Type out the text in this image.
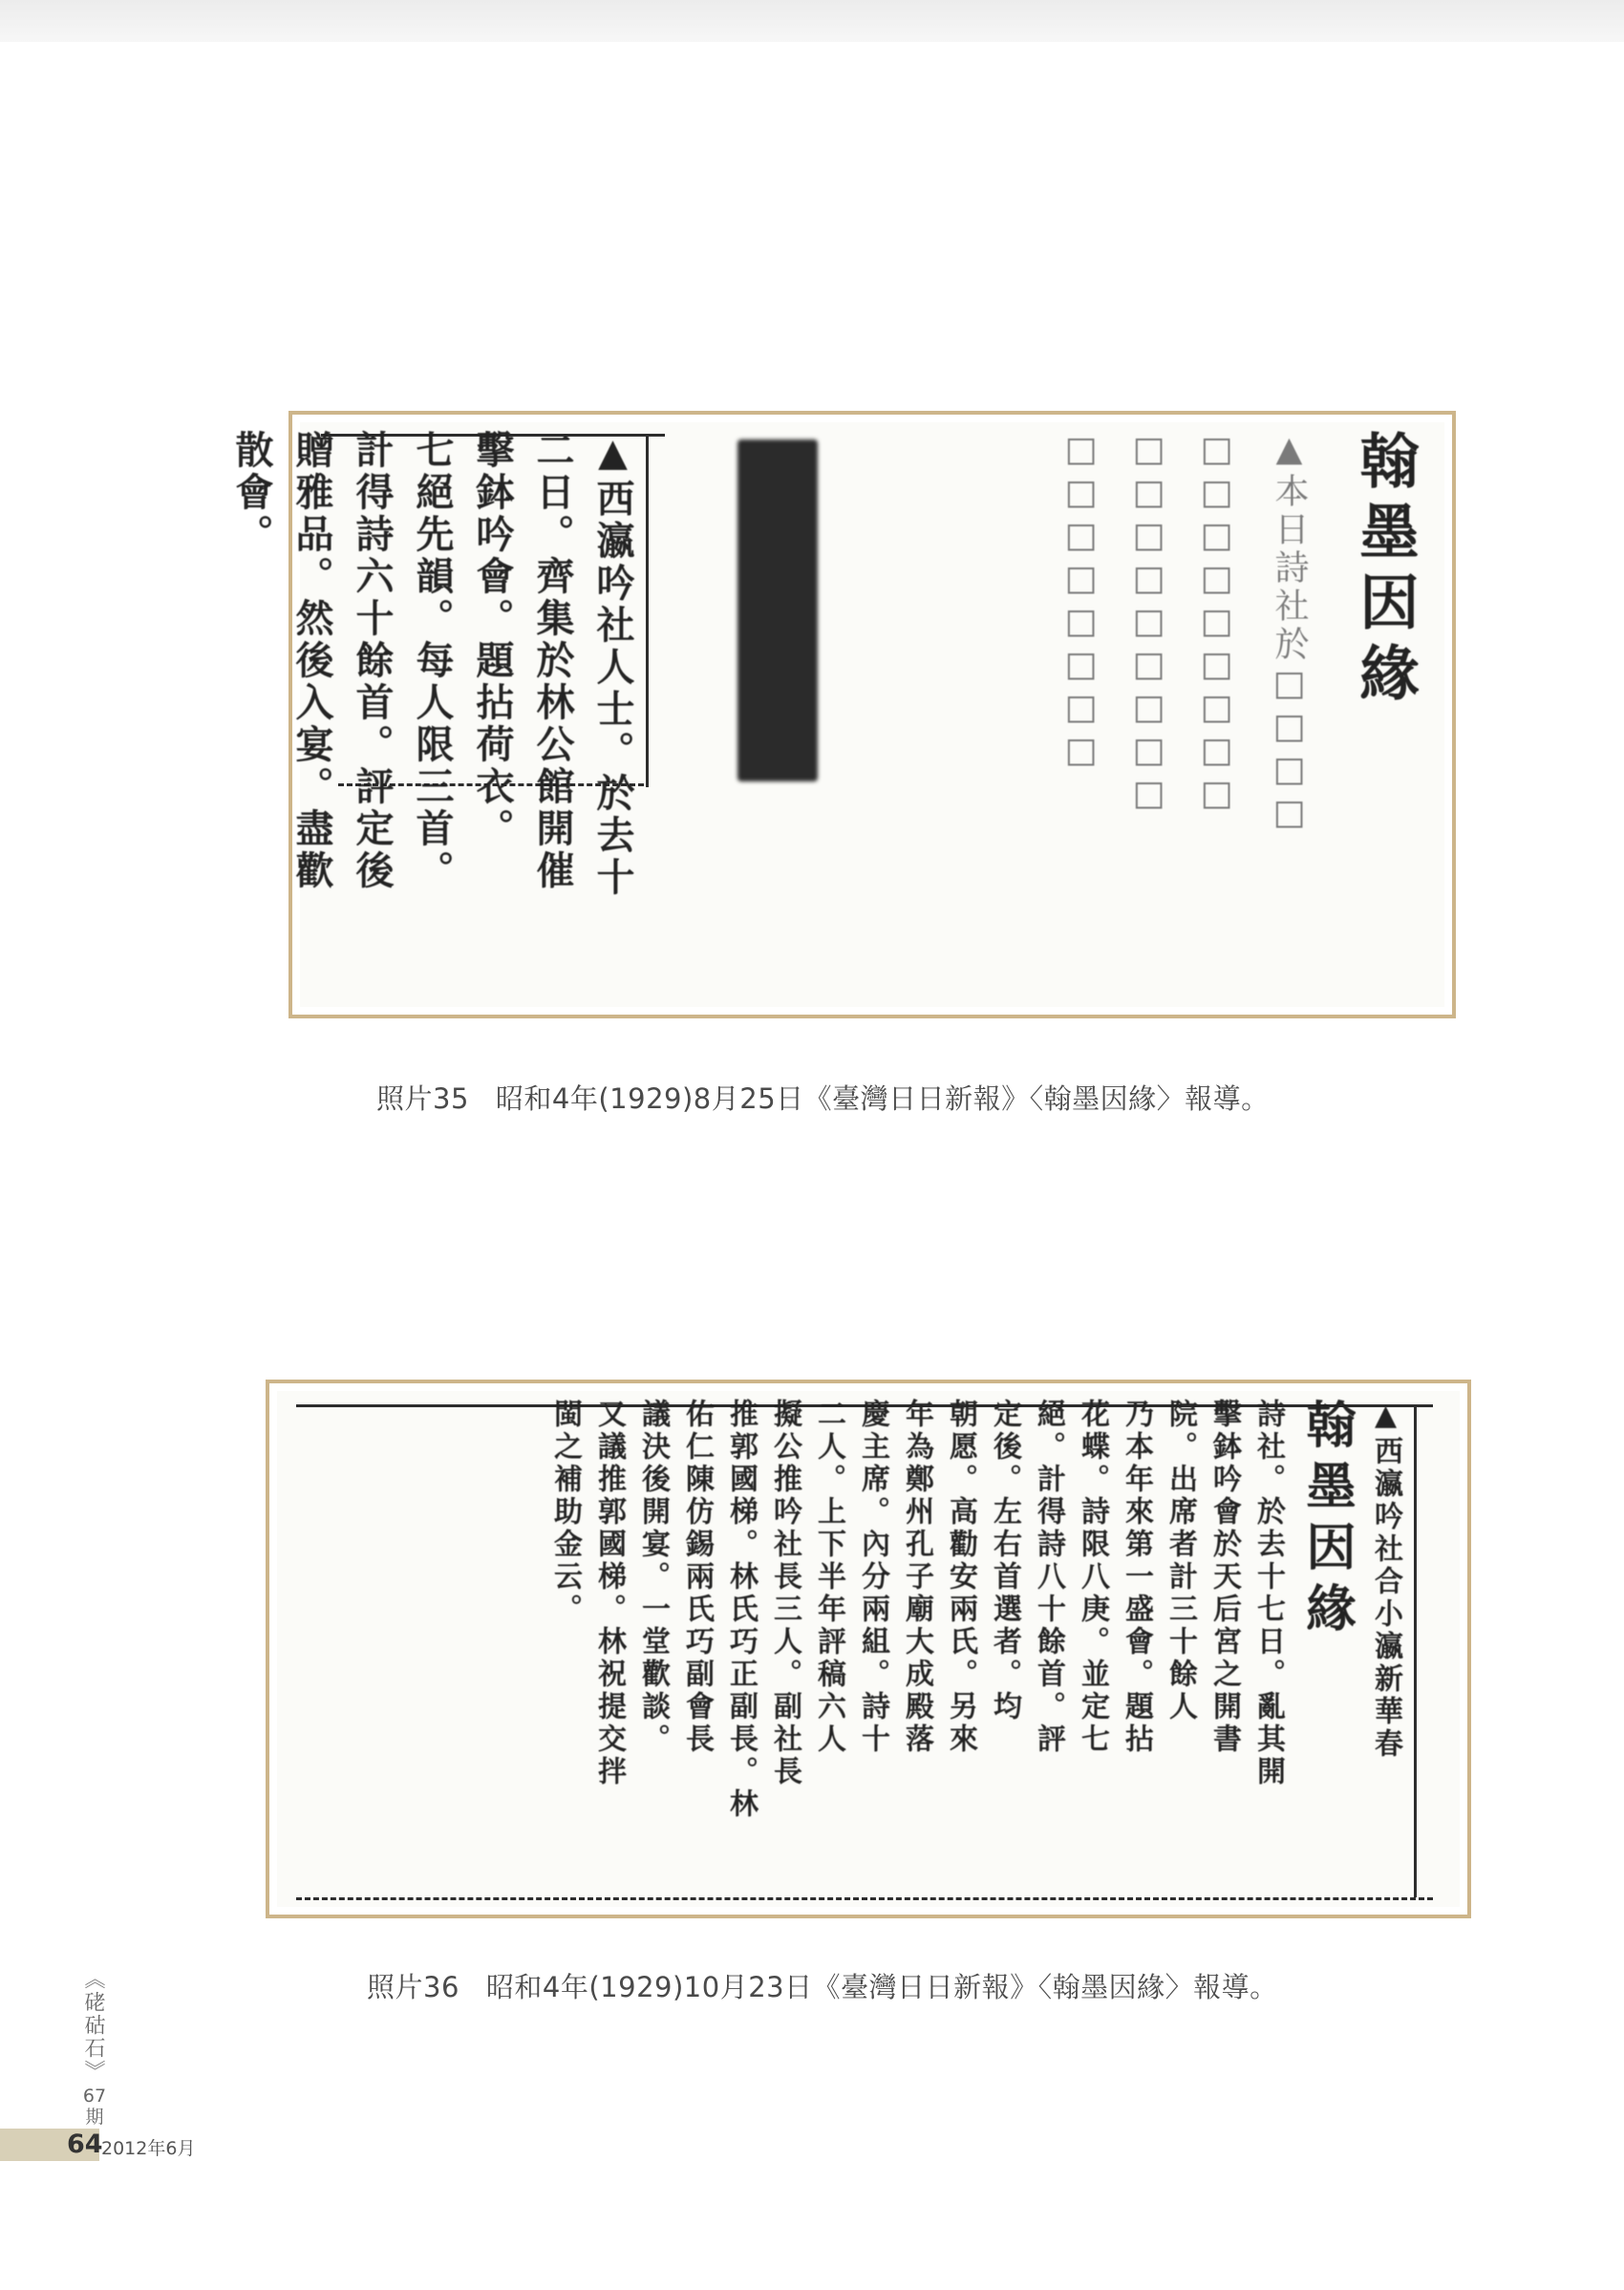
▲西瀛吟社人士。於去十
二日。齊集於林公館開催
擊鉢吟會。題拈荷衣。
七絕先韻。每人限三首。
計得詩六十餘首。評定後
贈雅品。然後入宴。盡歡
散會。	翰墨因緣
▲本日詩社於□□□□
□□□□□□□□□
□□□□□□□□□
□□□□□□□□
照片35 昭和4年(1929)8月25日《臺灣日日新報》〈翰墨因緣〉報導。
▲西瀛吟社合小瀛新華春
翰墨因緣
詩社。於去十七日。亂其開
擊鉢吟會於天后宮之開書
院。出席者計三十餘人
乃本年來第一盛會。題拈
花蝶。詩限八庚。並定七
絕。計得詩八十餘首。評
定後。左右首選者。均
朝愿。高勸安兩氏。另來
年為鄭州孔子廟大成殿落
慶主席。內分兩組。詩十
二人。上下半年評稿六人
擬公推吟社長三人。副社長
推郭國梯。林氏巧正副長。林
佑仁陳仿錫兩氏巧副會長
議決後開宴。一堂歡談。
又議推郭國梯。林祝提交拌
閩之補助金云。
照片36 昭和4年(1929)10月23日《臺灣日日新報》〈翰墨因緣〉報導。
《硓𥑮石》
67
期
64
2012年6月
